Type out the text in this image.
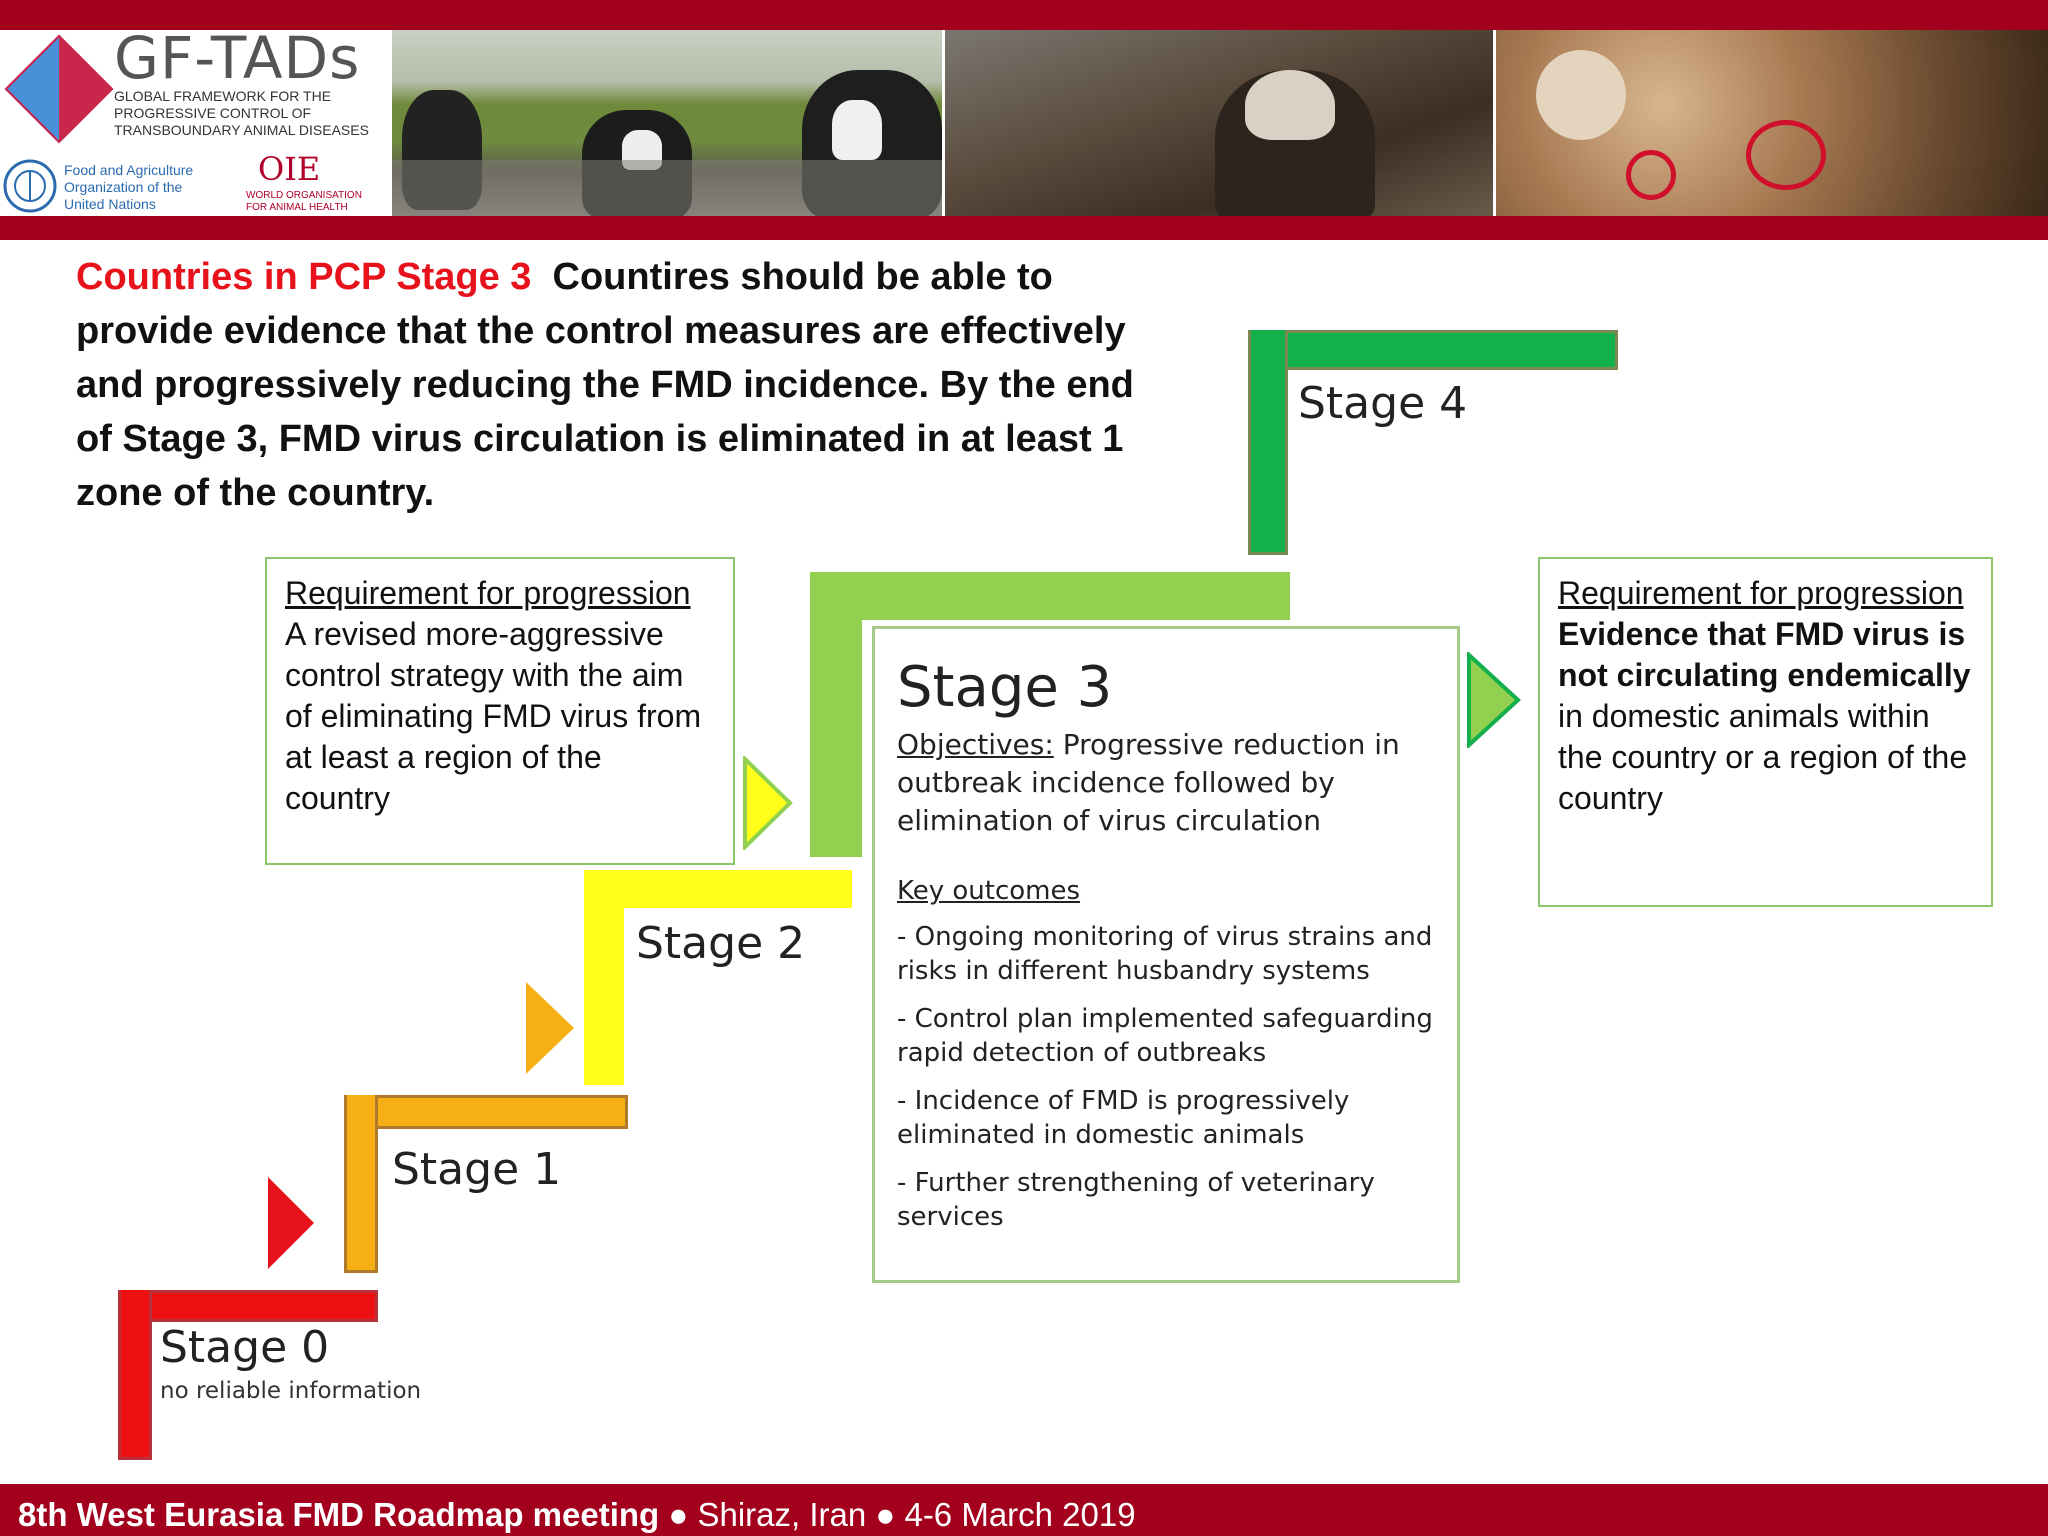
GF-TADs
GLOBAL FRAMEWORK FOR THE PROGRESSIVE CONTROL OF TRANSBOUNDARY ANIMAL DISEASES
Food and Agriculture Organization of the United Nations
OIE
WORLD ORGANISATION FOR ANIMAL HEALTH
Countries in PCP Stage 3 Countires should be able to provide evidence that the control measures are effectively and progressively reducing the FMD incidence. By the end of Stage 3, FMD virus circulation is eliminated in at least 1 zone of the country.
Stage 4
Stage 2
Stage 1
Stage 0
no reliable information
Requirement for progression
A revised more-aggressive control strategy with the aim of eliminating FMD virus from at least a region of the country
Requirement for progression
Evidence that FMD virus is not circulating endemically in domestic animals within the country or a region of the country
Stage 3
Objectives: Progressive reduction in outbreak incidence followed by elimination of virus circulation
Key outcomes
- Ongoing monitoring of virus strains and risks in different husbandry systems
- Control plan implemented safeguarding rapid detection of outbreaks
- Incidence of FMD is progressively eliminated in domestic animals
- Further strengthening of veterinary services
8th West Eurasia FMD Roadmap meeting ● Shiraz, Iran ● 4-6 March 2019
